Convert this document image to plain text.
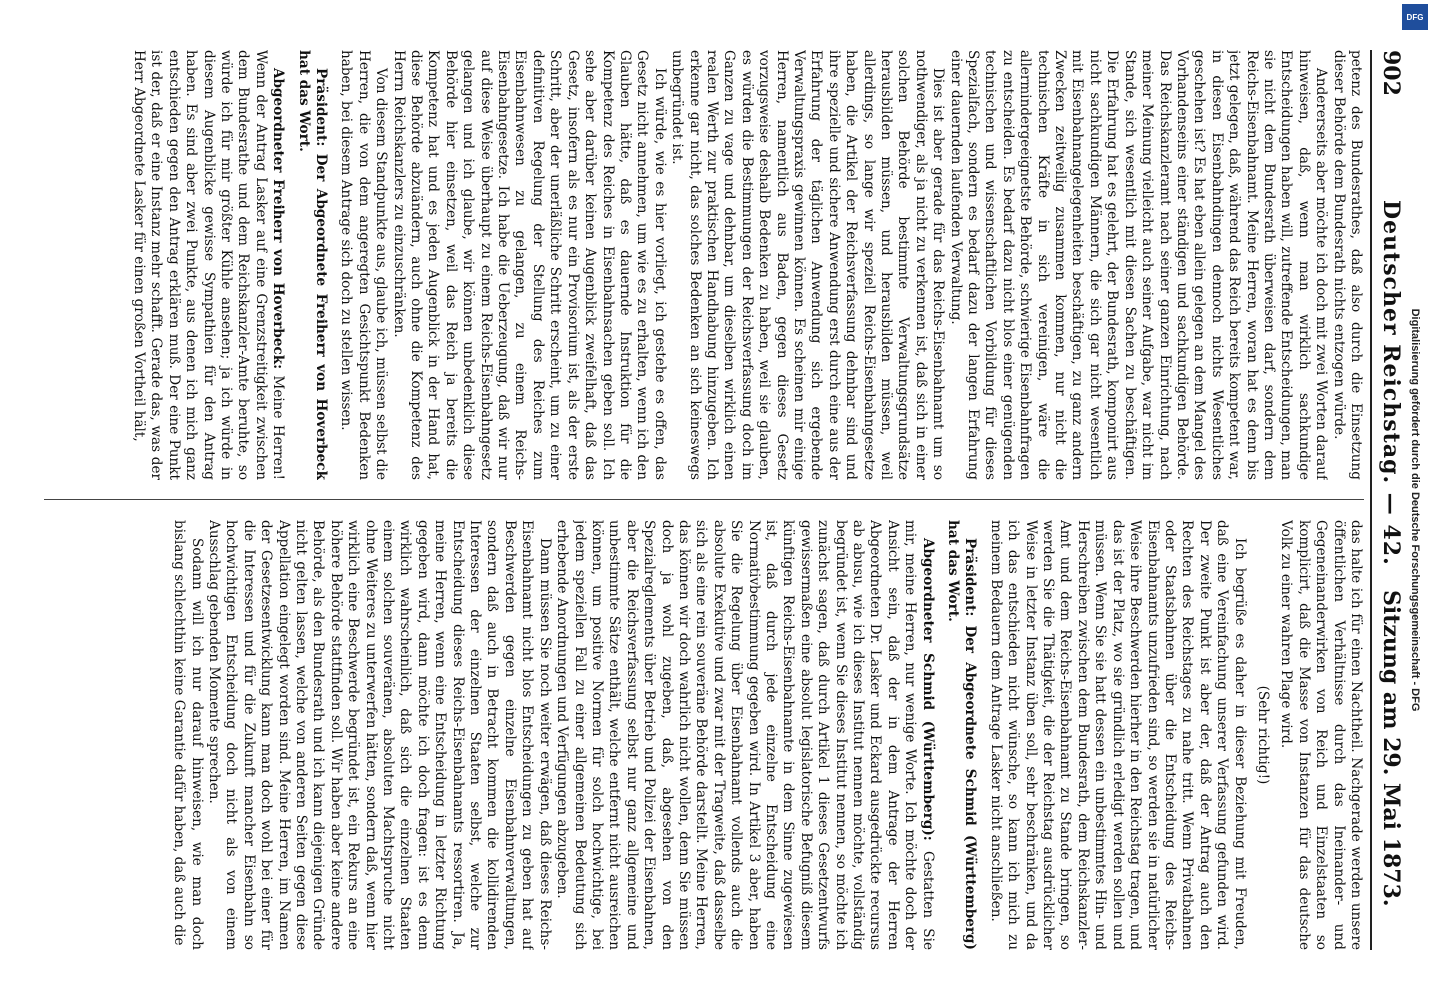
902
Deutscher Reichstag. — 42.
Sitzung am 29. Mai 1873.

petenz des Bundesrathes, daß also durch die Einsetzung dieser Behörde dem Bundesrath nichts entzogen würde.

Andererseits aber möchte ich doch mit zwei Worten darauf hinweisen, daß, wenn man wirklich sachkundige Entscheidungen haben will, zutreffende Entscheidungen, man sie nicht dem Bundesrath überweisen darf, sondern dem Reichs-Eisenbahnamt. Meine Herren, woran hat es denn bis jetzt gelegen, daß, während das Reich bereits kompetent war, in diesen Eisenbahndingen dennoch nichts Wesentliches geschehen ist? Es hat eben allein gelegen an dem Mangel des Vorhandenseins einer ständigen und sachkundigen Behörde. Das Reichskanzleramt nach seiner ganzen Einrichtung, nach meiner Meinung vielleicht auch seiner Aufgabe, war nicht im Stande, sich wesentlich mit diesen Sachen zu beschäftigen. Die Erfahrung hat es gelehrt, der Bundesrath, komponirt aus nicht sachkundigen Männern, die sich gar nicht wesentlich mit Eisenbahnangelegenheiten beschäftigen, zu ganz andern Zwecken zeitweilig zusammen kommen, nur nicht die technischen Kräfte in sich vereinigen, wäre die allermindergeeignetste Behörde, schwierige Eisenbahnfragen zu entscheiden. Es bedarf dazu nicht blos einer genügenden technischen und wissenschaftlichen Vorbildung für dieses Spezialfach, sondern es bedarf dazu der langen Erfahrung einer dauernden laufenden Verwaltung.

Dies ist aber gerade für das Reichs-Eisenbahnamt um so nothwendiger, als ja nicht zu verkennen ist, daß sich in einer solchen Behörde bestimmte Verwaltungsgrundsätze herausbilden müssen, und herausbilden müssen, weil allerdings, so lange wir speziell Reichs-Eisenbahngesetze haben, die Artikel der Reichsverfassung dehnbar sind und ihre spezielle und sichere Anwendung erst durch eine aus der Erfahrung der täglichen Anwendung sich ergebende Verwaltungspraxis gewinnen können. Es scheinen mir einige Herren, namentlich aus Baden, gegen dieses Gesetz vorzugsweise deshalb Bedenken zu haben, weil sie glauben, es würden die Bestimmungen der Reichsverfassung doch im Ganzen zu vage und dehnbar, um dieselben wirklich einen realen Werth zur praktischen Handhabung hinzugeben. Ich erkenne gar nicht, das solches Bedenken an sich keineswegs unbegründet ist.

Ich würde, wie es hier vorliegt, ich gestehe es offen, das Gesetz nicht annehmen, um wie es zu erhalten, wenn ich den Glauben hätte, daß es dauernde Instruktion für die Kompetenz des Reiches in Eisenbahnsachen geben soll. Ich sehe aber darüber keinen Augenblick zweifelhaft, daß das Gesetz, insofern als es nur ein Provisorium ist, als der erste Schritt, aber der unerläßliche Schritt erscheint, um zu einer definitiven Regelung der Stellung des Reiches zum Eisenbahnwesen zu gelangen, zu einem Reichs-Eisenbahngesetze. Ich habe die Ueberzeugung, daß wir nur auf diese Weise überhaupt zu einem Reichs-Eisenbahngesetz gelangen und ich glaube, wir können unbedenklich diese Behörde hier einsetzen, weil das Reich ja bereits die Kompetenz hat und es jeden Augenblick in der Hand hat, diese Behörde abzuändern, auch ohne die Kompetenz des Herrn Reichskanzlers zu einzuschränken.

Von diesem Standpunkte aus, glaube ich, müssen selbst die Herren, die von dem angeregten Gesichtspunkt Bedenken haben, bei diesem Antrage sich doch zu stellen wissen.

Präsident: Der Abgeordnete Freiherr von Hoverbeck hat das Wort.

Abgeordneter Freiherr von Hoverbeck: Meine Herren! Wenn der Antrag Lasker auf eine Grenzstreitigkeit zwischen dem Bundesrathe und dem Reichskanzler-Amte beruhte, so würde ich für mir größter Kühle ansehen; ja ich würde in diesem Augenblicke gewisse Sympathien für den Antrag haben. Es sind aber zwei Punkte, aus denen ich mich ganz entschieden gegen den Antrag erklären muß. Der eine Punkt ist der, daß er eine Instanz mehr schafft. Gerade das, was der Herr Abgeordnete Lasker für einen großen Vortheil hält,

das halte ich für einen Nachtheil. Nachgerade werden unsere öffentlichen Verhältnisse durch das Ineinander- und Gegeneinanderwirken von Reich und Einzelstaaten so komplicirt, daß die Masse von Instanzen für das deutsche Volk zu einer wahren Plage wird.

(Sehr richtig!)

Ich begrüße es daher in dieser Beziehung mit Freuden, daß eine Vereinfachung unserer Verfassung gefunden wird. Der zweite Punkt ist aber der, daß der Antrag auch den Rechten des Reichstages zu nahe tritt. Wenn Privatbahnen oder Staatsbahnen über die Entscheidung des Reichs-Eisenbahnamts unzufrieden sind, so werden sie in natürlicher Weise ihre Beschwerden hierher in den Reichstag tragen, und das ist der Platz, wo sie gründlich erledigt werden sollen und müssen. Wenn Sie sie hatt dessen ein unbestimmtes Hin- und Herschreiben zwischen dem Bundesrath, dem Reichskanzler-Amt und dem Reichs-Eisenbahnamt zu Stande bringen, so werden Sie die Thätigkeit, die der Reichstag ausdrücklicher Weise in letzter Instanz üben soll, sehr beschränken, und da ich das entschieden nicht wünsche, so kann ich mich zu meinem Bedauern dem Antrage Lasker nicht anschließen.

Präsident: Der Abgeordnete Schmid (Württemberg) hat das Wort.

Abgeordneter Schmid (Württemberg): Gestatten Sie mir, meine Herren, nur wenige Worte. Ich möchte doch der Ansicht sein, daß der in dem Antrage der Herren Abgeordneten Dr. Lasker und Eckard ausgedrückte recursus ab abusu, wie ich dieses Institut nennen möchte, vollständig begründet ist, wenn Sie dieses Institut nennen, so möchte ich zunächst sagen, daß durch Artikel 1 dieses Gesetzentwurfs gewissermaßen eine absolut legislatorische Befugniß diesem künftigen Reichs-Eisenbahnamte in dem Sinne zugewiesen ist, daß durch jede einzelne Entscheidung eine Normativbestimmung gegeben wird. In Artikel 3 aber, haben Sie die Regelung über Eisenbahnamt vollends auch die absolute Exekutive und zwar mit der Tragweite, daß dasselbe sich als eine rein souveräne Behörde darstellt. Meine Herren, das können wir doch wahrlich nicht wollen, denn Sie müssen doch ja wohl zugeben, daß, abgesehen von den Spezialreglements über Betrieb und Polizei der Eisenbahnen, aber die Reichsverfassung selbst nur ganz allgemeine und unbestimmte Sätze enthält, welche entfernt nicht ausreichen können, um positive Normen für solch hochwichtige, bei jedem speziellen Fall zu einer allgemeinen Bedeutung sich erhebende Anordnungen und Verfügungen abzugeben.

Dann müssen Sie noch weiter erwägen, daß dieses Reichs-Eisenbahnamt nicht blos Entscheidungen zu geben hat auf Beschwerden gegen einzelne Eisenbahnverwaltungen, sondern daß auch in Betracht kommen die kollidirenden Interessen der einzelnen Staaten selbst, welche zur Entscheidung dieses Reichs-Eisenbahnamts ressortiren. Ja, meine Herren, wenn eine Entscheidung in letzter Richtung gegeben wird, dann möchte ich doch fragen: ist es denn wirklich wahrscheinlich, daß sich die einzelnen Staaten einem solchen souveränen, absoluten Machtspruche nicht ohne Weiteres zu unterwerfen hätten, sondern daß, wenn hier wirklich eine Beschwerde begründet ist, ein Rekurs an eine höhere Behörde stattfinden soll. Wir haben aber keine andere Behörde, als den Bundesrath und ich kann diejenigen Gründe nicht gelten lassen, welche von anderen Seiten gegen diese Appellation eingelegt worden sind. Meine Herren, im Namen der Gesetzesentwicklung kann man doch wohl bei einer für die Interessen und für die Zukunft mancher Eisenbahn so hochwichtigen Entscheidung doch nicht als von einem Ausschlag gebenden Momente sprechen.

Sodann will ich nur darauf hinweisen, wie man doch bislang schlechthin keine Garantie dafür haben, daß auch die

DFG
Digitalisierung gefördert durch die Deutsche Forschungsgemeinschaft - DFG
